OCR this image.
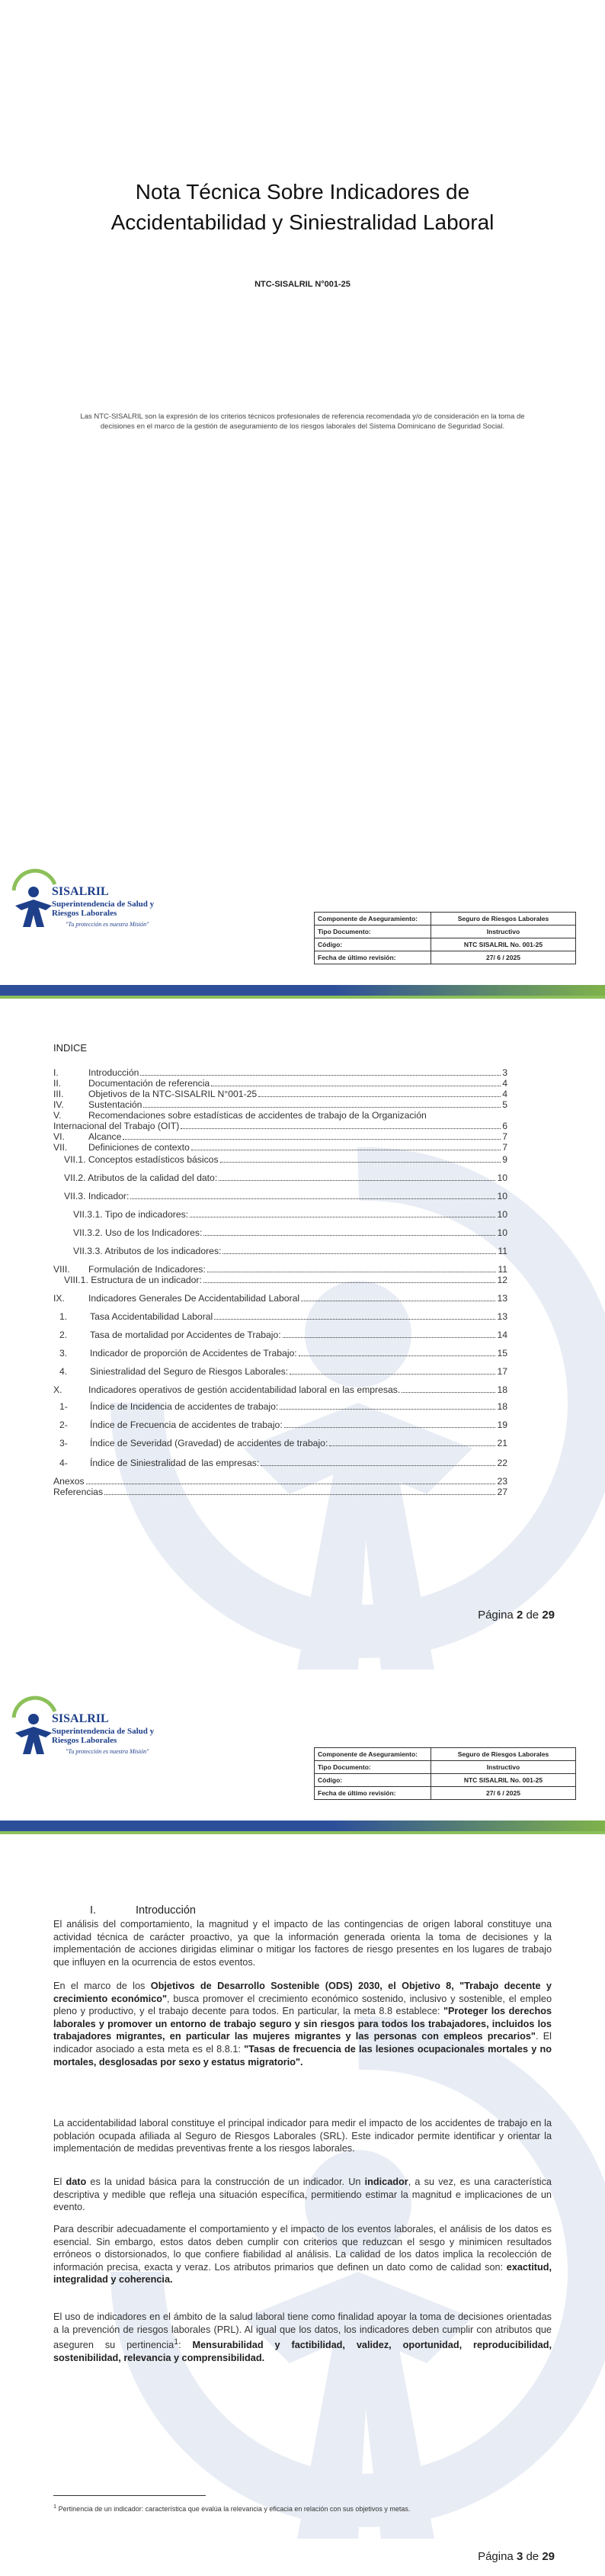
Nota Técnica Sobre Indicadores de
Accidentabilidad y Siniestralidad Laboral
NTC-SISALRIL N°001-25
Las NTC-SISALRIL son la expresión de los criterios técnicos profesionales de referencia recomendada y/o de consideración en la toma de decisiones en el marco de la gestión de aseguramiento de los riesgos laborales del Sistema Dominicano de Seguridad Social.
SISALRIL
Superintendencia de Salud y Riesgos Laborales
"Tu protección es nuestra Misión"
Componente de Aseguramiento:	Seguro de Riesgos Laborales
Tipo Documento:	Instructivo
Código:	NTC SISALRIL No. 001-25
Fecha de último revisión:	27/ 6 / 2025
INDICE
I.	Introducción	3
II.	Documentación de referencia	4
III.	Objetivos de la NTC-SISALRIL N°001-25	4
IV.	Sustentación	5
V.	Recomendaciones sobre estadísticas de accidentes de trabajo de la Organización
Internacional del Trabajo (OIT)	6
VI.	Alcance	7
VII.	Definiciones de contexto	7
VII.1. Conceptos estadísticos básicos	9
VII.2. Atributos de la calidad del dato:	10
VII.3. Indicador:	10
VII.3.1. Tipo de indicadores:	10
VII.3.2. Uso de los Indicadores:	10
VII.3.3. Atributos de los indicadores:	11
VIII.	Formulación de Indicadores:	11
VIII.1. Estructura de un indicador:	12
IX.	Indicadores Generales De Accidentabilidad Laboral	13
1.	Tasa Accidentabilidad Laboral	13
2.	Tasa de mortalidad por Accidentes de Trabajo:	14
3.	Indicador de proporción de Accidentes de Trabajo:	15
4.	Siniestralidad del Seguro de Riesgos Laborales:	17
X.	Indicadores operativos de gestión accidentabilidad laboral en las empresas.	18
1-	Índice de Incidencia de accidentes de trabajo:	18
2-	Índice de Frecuencia de accidentes de trabajo:	19
3-	Índice de Severidad (Gravedad) de accidentes de trabajo:	21
4-	Índice de Siniestralidad de las empresas:	22
Anexos	23
Referencias	27
Página 2 de 29
SISALRIL
Superintendencia de Salud y Riesgos Laborales
"Tu protección es nuestra Misión"	Componente de Aseguramiento:	Seguro de Riesgos Laborales
Tipo Documento:	Instructivo
Código:	NTC SISALRIL No. 001-25
Fecha de último revisión:	27/ 6 / 2025
I.	Introducción
El análisis del comportamiento, la magnitud y el impacto de las contingencias de origen laboral constituye una actividad técnica de carácter proactivo, ya que la información generada orienta la toma de decisiones y la implementación de acciones dirigidas eliminar o mitigar los factores de riesgo presentes en los lugares de trabajo que influyen en la ocurrencia de estos eventos.
En el marco de los Objetivos de Desarrollo Sostenible (ODS) 2030, el Objetivo 8, "Trabajo decente y crecimiento económico", busca promover el crecimiento económico sostenido, inclusivo y sostenible, el empleo pleno y productivo, y el trabajo decente para todos. En particular, la meta 8.8 establece: "Proteger los derechos laborales y promover un entorno de trabajo seguro y sin riesgos para todos los trabajadores, incluidos los trabajadores migrantes, en particular las mujeres migrantes y las personas con empleos precarios". El indicador asociado a esta meta es el 8.8.1: "Tasas de frecuencia de las lesiones ocupacionales mortales y no mortales, desglosadas por sexo y estatus migratorio".
La accidentabilidad laboral constituye el principal indicador para medir el impacto de los accidentes de trabajo en la población ocupada afiliada al Seguro de Riesgos Laborales (SRL). Este indicador permite identificar y orientar la implementación de medidas preventivas frente a los riesgos laborales.
El dato es la unidad básica para la construcción de un indicador. Un indicador, a su vez, es una característica descriptiva y medible que refleja una situación específica, permitiendo estimar la magnitud e implicaciones de un evento.
Para describir adecuadamente el comportamiento y el impacto de los eventos laborales, el análisis de los datos es esencial. Sin embargo, estos datos deben cumplir con criterios que reduzcan el sesgo y minimicen resultados erróneos o distorsionados, lo que confiere fiabilidad al análisis. La calidad de los datos implica la recolección de información precisa, exacta y veraz. Los atributos primarios que definen un dato como de calidad son: exactitud, integralidad y coherencia.
El uso de indicadores en el ámbito de la salud laboral tiene como finalidad apoyar la toma de decisiones orientadas a la prevención de riesgos laborales (PRL). Al igual que los datos, los indicadores deben cumplir con atributos que aseguren su pertinencia$^1$: Mensurabilidad y factibilidad, validez, oportunidad, reproducibilidad, sostenibilidad, relevancia y comprensibilidad.
$^1$ Pertinencia de un indicador: característica que evalúa la relevancia y eficacia en relación con sus objetivos y metas.
Página 3 de 29
